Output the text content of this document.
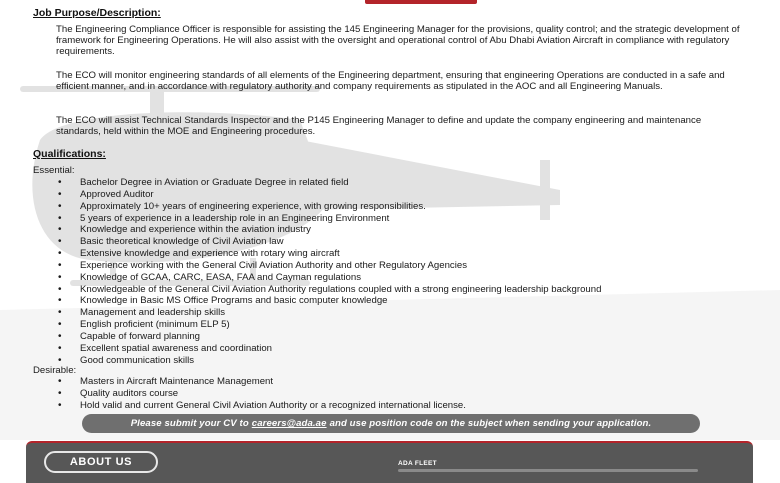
Job Purpose/Description:
The Engineering Compliance Officer is responsible for assisting the 145 Engineering Manager for the provisions, quality control; and the strategic development of framework for Engineering Operations. He will also assist with the oversight and operational control of Abu Dhabi Aviation Aircraft in compliance with regulatory requirements.
The ECO will monitor engineering standards of all elements of the Engineering department, ensuring that engineering Operations are conducted in a safe and efficient manner, and in accordance with regulatory authority and company requirements as stipulated in the AOC and all Engineering Manuals.
The ECO will assist Technical Standards Inspector and the P145 Engineering Manager to define and update the company engineering and maintenance standards, held within the MOE and Engineering procedures.
Qualifications:
Essential:
• Bachelor Degree in Aviation or Graduate Degree in related field
• Approved Auditor
• Approximately 10+ years of engineering experience, with growing responsibilities.
• 5 years of experience in a leadership role in an Engineering Environment
• Knowledge and experience within the aviation industry
• Basic theoretical knowledge of Civil Aviation law
• Extensive knowledge and experience with rotary wing aircraft
• Experience working with the General Civil Aviation Authority and other Regulatory Agencies
• Knowledge of GCAA, CARC, EASA, FAA and Cayman regulations
• Knowledgeable of the General Civil Aviation Authority regulations coupled with a strong engineering leadership background
• Knowledge in Basic MS Office Programs and basic computer knowledge
• Management and leadership skills
• English proficient (minimum ELP 5)
• Capable of forward planning
• Excellent spatial awareness and coordination
• Good communication skills
Desirable:
• Masters in Aircraft Maintenance Management
• Quality auditors course
• Hold valid and current General Civil Aviation Authority or a recognized international license.
Please submit your CV to careers@ada.ae and use position code on the subject when sending your application.
ABOUT US	ADA FLEET
